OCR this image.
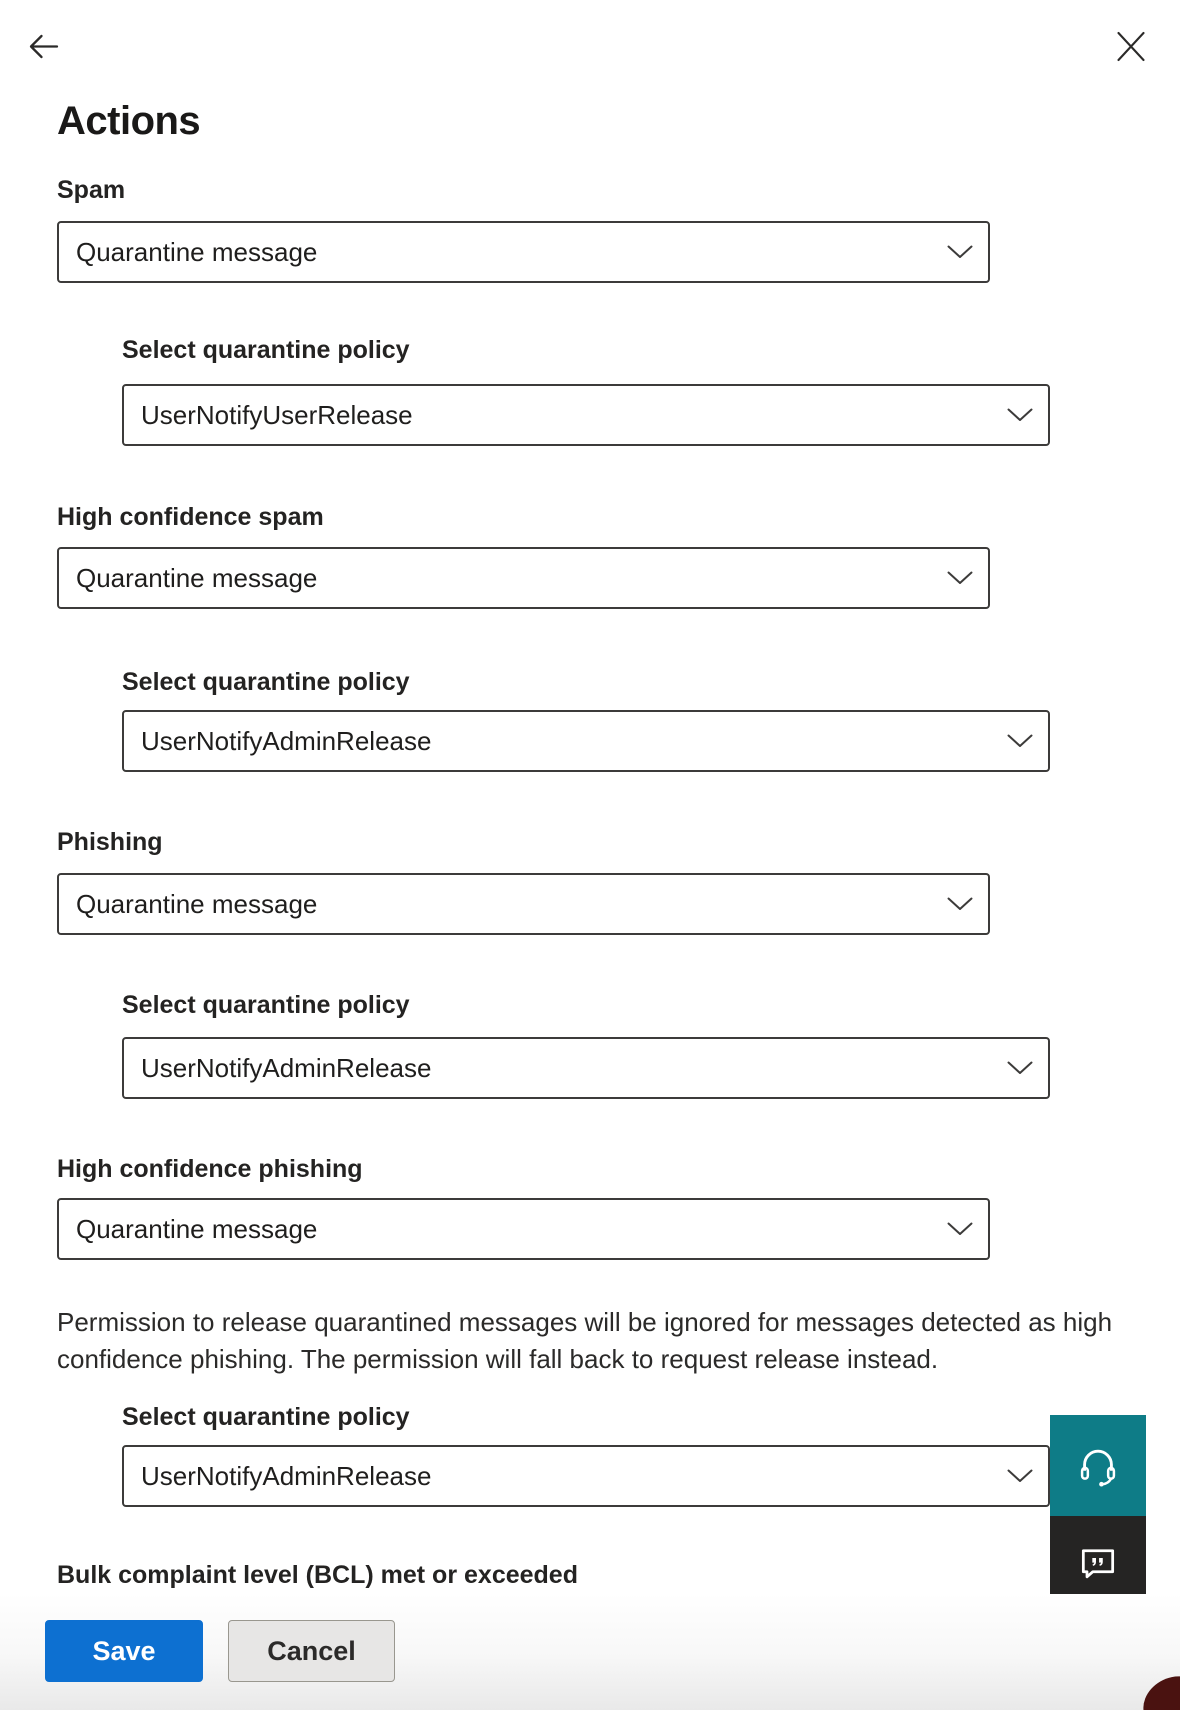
Actions
Spam
Quarantine message
Select quarantine policy
UserNotifyUserRelease
High confidence spam
Quarantine message
Select quarantine policy
UserNotifyAdminRelease
Phishing
Quarantine message
Select quarantine policy
UserNotifyAdminRelease
High confidence phishing
Quarantine message

Permission to release quarantined messages will be ignored for messages detected as high confidence phishing. The permission will fall back to request release instead.

Select quarantine policy
UserNotifyAdminRelease
Bulk complaint level (BCL) met or exceeded
Save	Cancel
